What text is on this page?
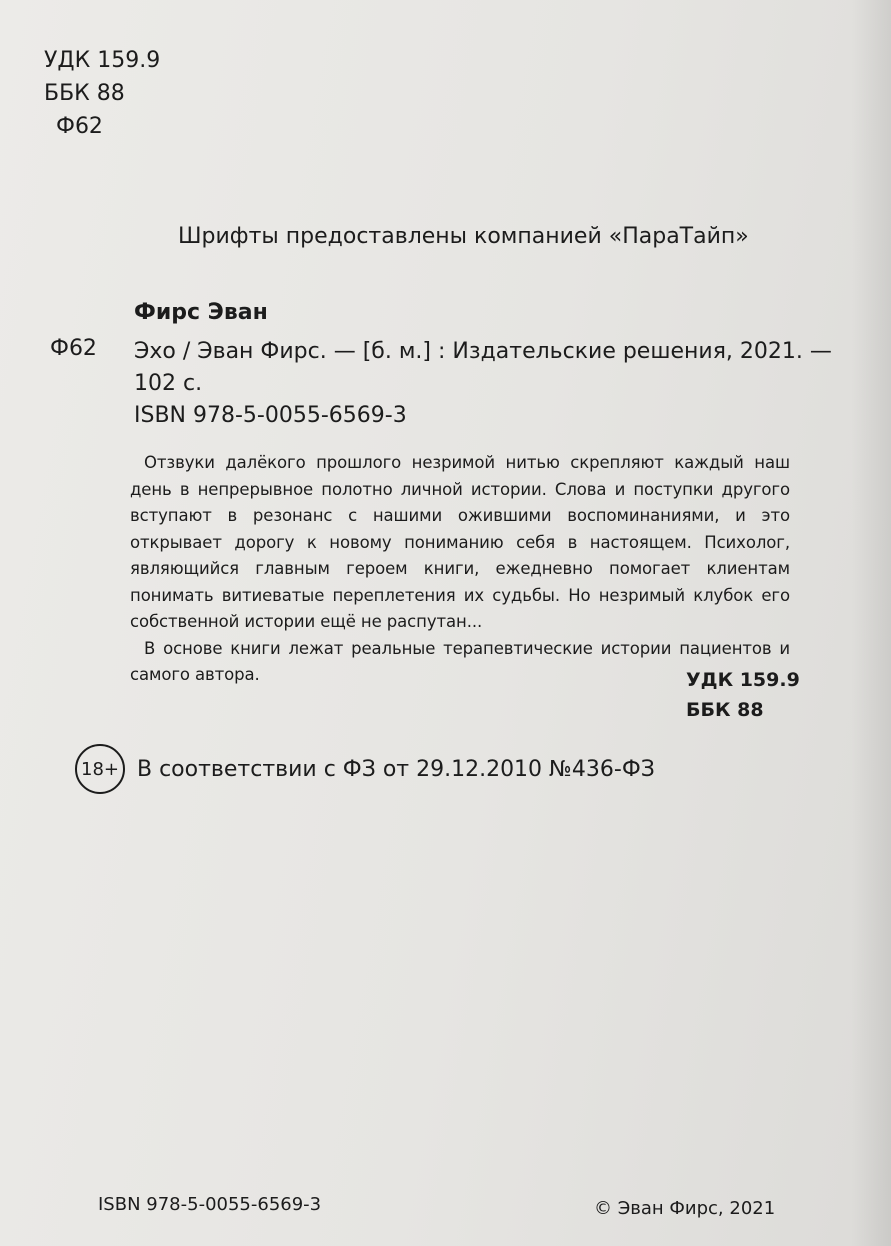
УДК 159.9
ББК 88
Ф62
Шрифты предоставлены компанией «ПараТайп»
Фирс Эван
Ф62 Эхо / Эван Фирс. — [б. м.] : Издательские решения, 2021. —
102 с.
ISBN 978-5-0055-6569-3

Отзвуки далёкого прошлого незримой нитью скрепляют каждый наш день в непрерывное полотно личной истории. Слова и поступки другого вступают в резонанс с нашими ожившими воспоминаниями, и это открывает дорогу к новому пониманию себя в настоящем. Психолог, являющийся главным героем книги, ежедневно помогает клиентам понимать витиеватые переплетения их судьбы. Но незримый клубок его собственной истории ещё не распутан...

В основе книги лежат реальные терапевтические истории пациентов и самого автора.	УДК 159.9
ББК 88
18+ В соответствии с ФЗ от 29.12.2010 №436-ФЗ
ISBN 978-5-0055-6569-3	© Эван Фирс, 2021
